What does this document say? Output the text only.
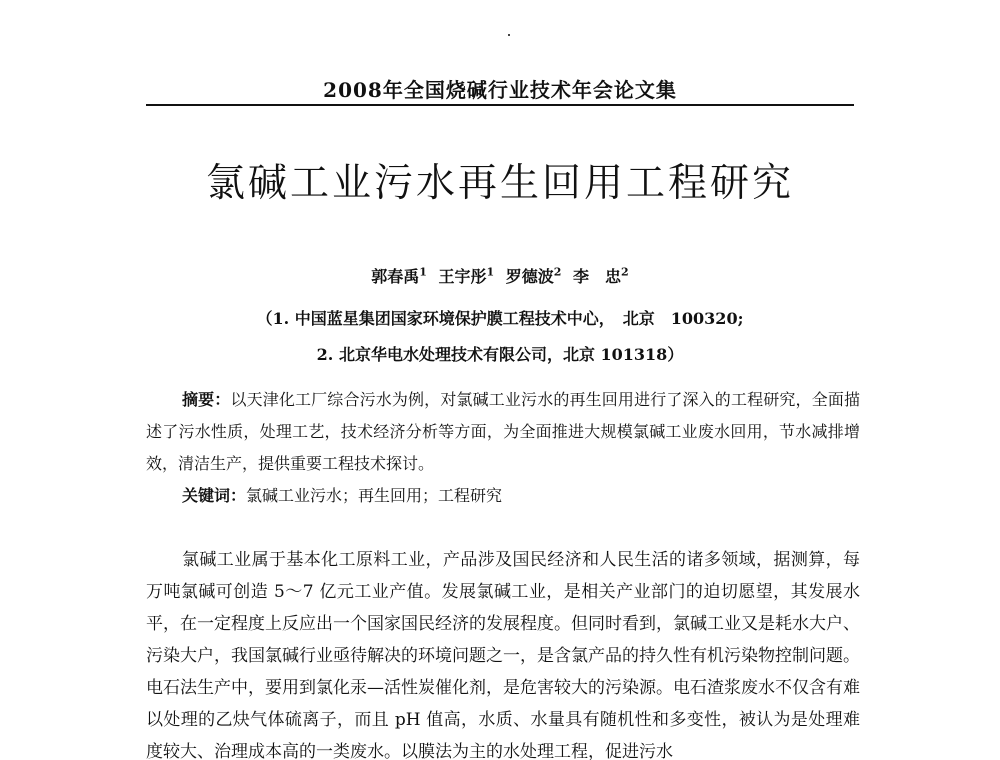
2008年全国烧碱行业技术年会论文集
氯碱工业污水再生回用工程研究
郭春禹$^1$ 王宇彤$^1$ 罗德波$^2$ 李　忠$^2$
（1. 中国蓝星集团国家环境保护膜工程技术中心，　北京　100320;
2. 北京华电水处理技术有限公司，北京 101318）
摘要：以天津化工厂综合污水为例，对氯碱工业污水的再生回用进行了深入的工程研究，全面描述了污水性质，处理工艺，技术经济分析等方面，为全面推进大规模氯碱工业废水回用，节水减排增效，清洁生产，提供重要工程技术探讨。
关键词：氯碱工业污水；再生回用；工程研究
氯碱工业属于基本化工原料工业，产品涉及国民经济和人民生活的诸多领域，据测算，每万吨氯碱可创造 5～7 亿元工业产值。发展氯碱工业，是相关产业部门的迫切愿望，其发展水平，在一定程度上反应出一个国家国民经济的发展程度。但同时看到，氯碱工业又是耗水大户、污染大户，我国氯碱行业亟待解决的环境问题之一，是含氯产品的持久性有机污染物控制问题。电石法生产中，要用到氯化汞—活性炭催化剂，是危害较大的污染源。电石渣浆废水不仅含有难以处理的乙炔气体硫离子，而且 pH 值高，水质、水量具有随机性和多变性，被认为是处理难度较大、治理成本高的一类废水。以膜法为主的水处理工程，促进污水
